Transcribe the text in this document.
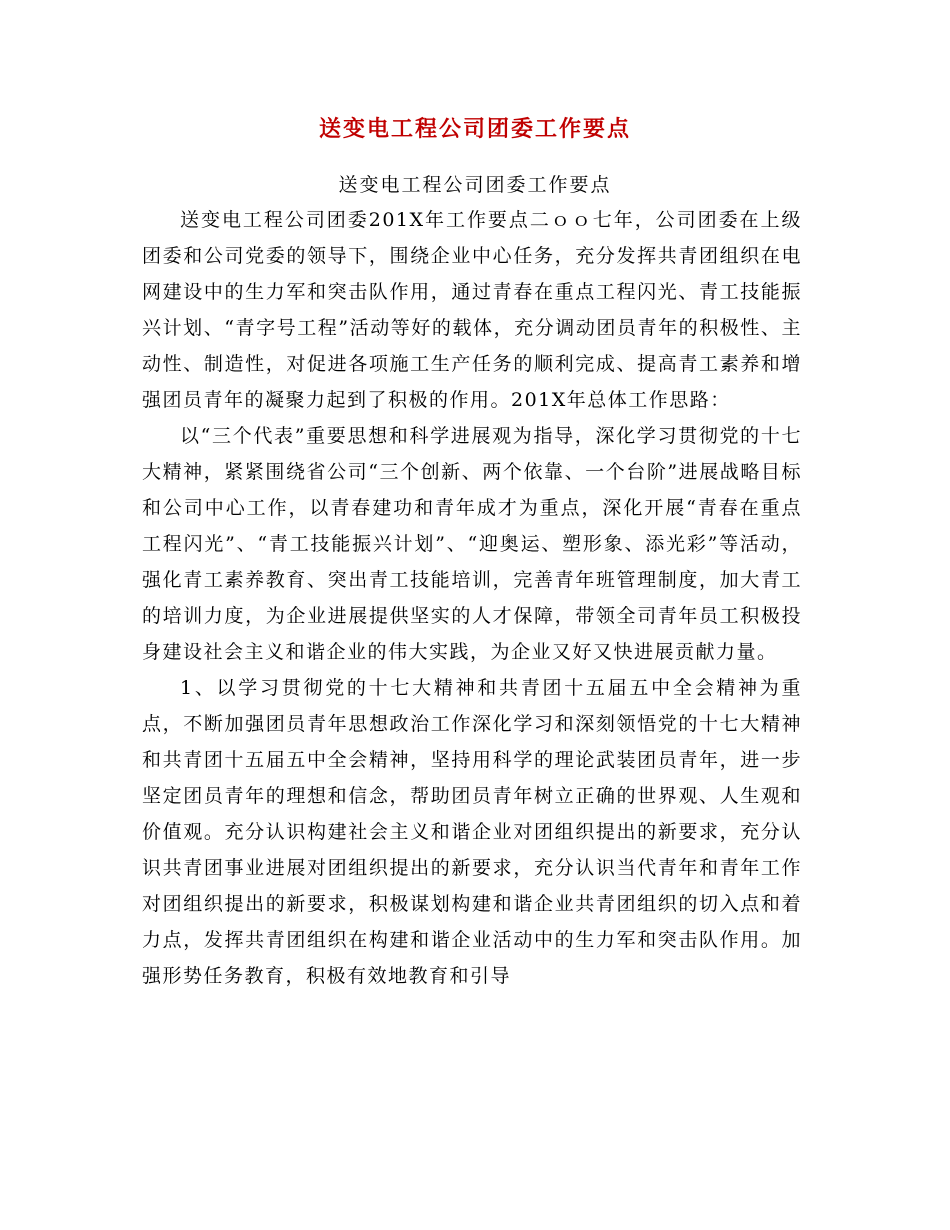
送变电工程公司团委工作要点
送变电工程公司团委工作要点

送变电工程公司团委201X年工作要点二ｏｏ七年，公司团委在上级团委和公司党委的领导下，围绕企业中心任务，充分发挥共青团组织在电网建设中的生力军和突击队作用，通过青春在重点工程闪光、青工技能振兴计划、“青字号工程”活动等好的载体，充分调动团员青年的积极性、主动性、制造性，对促进各项施工生产任务的顺利完成、提高青工素养和增强团员青年的凝聚力起到了积极的作用。201X年总体工作思路：

以“三个代表”重要思想和科学进展观为指导，深化学习贯彻党的十七大精神，紧紧围绕省公司“三个创新、两个依靠、一个台阶”进展战略目标和公司中心工作，以青春建功和青年成才为重点，深化开展“青春在重点工程闪光”、“青工技能振兴计划”、“迎奥运、塑形象、添光彩”等活动，强化青工素养教育、突出青工技能培训，完善青年班管理制度，加大青工的培训力度，为企业进展提供坚实的人才保障，带领全司青年员工积极投身建设社会主义和谐企业的伟大实践，为企业又好又快进展贡献力量。

1、以学习贯彻党的十七大精神和共青团十五届五中全会精神为重点，不断加强团员青年思想政治工作深化学习和深刻领悟党的十七大精神和共青团十五届五中全会精神，坚持用科学的理论武装团员青年，进一步坚定团员青年的理想和信念，帮助团员青年树立正确的世界观、人生观和价值观。充分认识构建社会主义和谐企业对团组织提出的新要求，充分认识共青团事业进展对团组织提出的新要求，充分认识当代青年和青年工作对团组织提出的新要求，积极谋划构建和谐企业共青团组织的切入点和着力点，发挥共青团组织在构建和谐企业活动中的生力军和突击队作用。加强形势任务教育，积极有效地教育和引导
